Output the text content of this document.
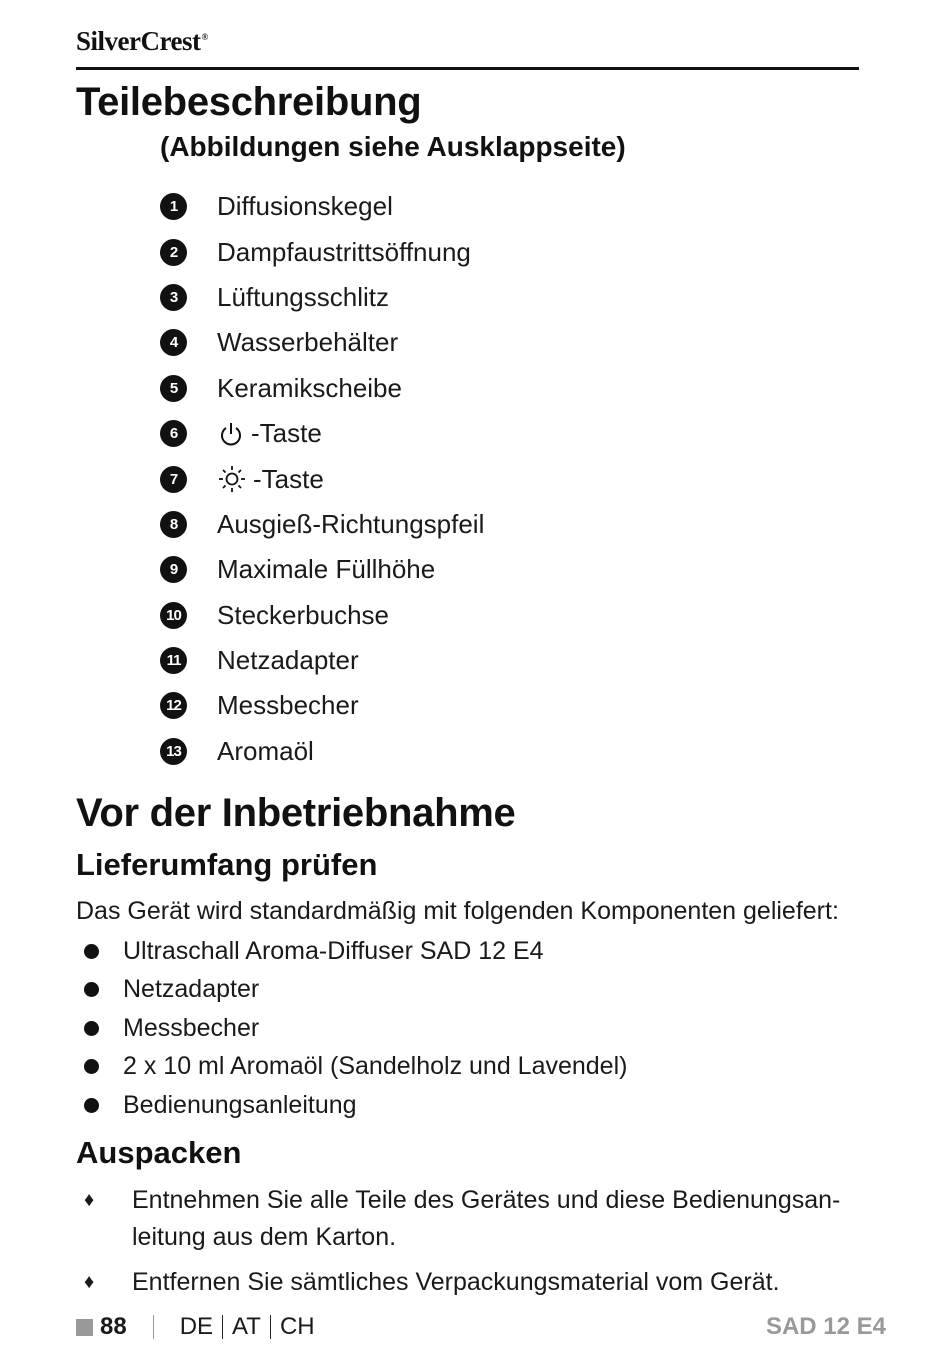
SilverCrest®
Teilebeschreibung

(Abbildungen siehe Ausklappseite)

1	Diffusionskegel
2	Dampfaustrittsöffnung
3	Lüftungsschlitz
4	Wasserbehälter
5	Keramikscheibe
6	-Taste
7	-Taste
8	Ausgieß-Richtungspfeil
9	Maximale Füllhöhe
10 Steckerbuchse
11 Netzadapter
12 Messbecher
13 Aromaöl
Vor der Inbetriebnahme
Lieferumfang prüfen

Das Gerät wird standardmäßig mit folgenden Komponenten geliefert:

Ultraschall Aroma-Diffuser SAD 12 E4
Netzadapter
Messbecher
2 x 10 ml Aromaöl (Sandelholz und Lavendel)
Bedienungsanleitung
Auspacken
♦	Entnehmen Sie alle Teile des Gerätes und diese Bedienungsan-leitung aus dem Karton.
♦	Entfernen Sie sämtliches Verpackungsmaterial vom Gerät.
88 DE AT CH	SAD 12 E4
